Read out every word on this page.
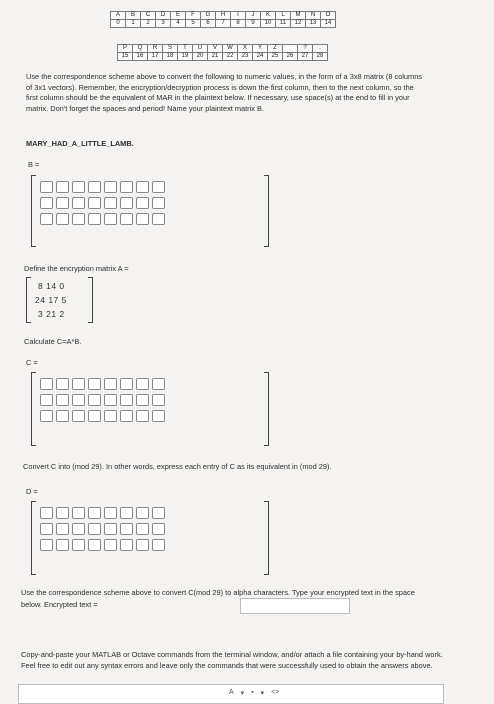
A	B	C	D	E	F	G	H	I	J	K	L	M	N	O
0	1	2	3	4	5	6	7	8	9	10	11	12	13	14
P	Q	R	S	T	U	V	W	X	Y	Z		?	.
15	16	17	18	19	20	21	22	23	24	25	26	27	28
Use the correspondence scheme above to convert the following to numeric values, in the form of a 3x8 matrix (8 columns of 3x1 vectors). Remember, the encryption/decryption process is down the first column, then to the next column, so the first column should be the equivalent of MAR in the plaintext below. If necessary, use space(s) at the end to fill in your matrix. Don't forget the spaces and period! Name your plaintext matrix B.
MARY_HAD_A_LITTLE_LAMB.
B =
Define the encryption matrix A =
8 14 0
24 17 5
3 21 2
Calculate C=A*B.
C =
Convert C into (mod 29). In other words, express each entry of C as its equivalent in (mod 29).
D =
Use the correspondence scheme above to convert C(mod 29) to alpha characters. Type your encrypted text in the space below. Encrypted text =
Copy-and-paste your MATLAB or Octave commands from the terminal window, and/or attach a file containing your by-hand work. Feel free to edit out any syntax errors and leave only the commands that were successfully used to obtain the answers above.
A ▾ ▪ ▾ <>
